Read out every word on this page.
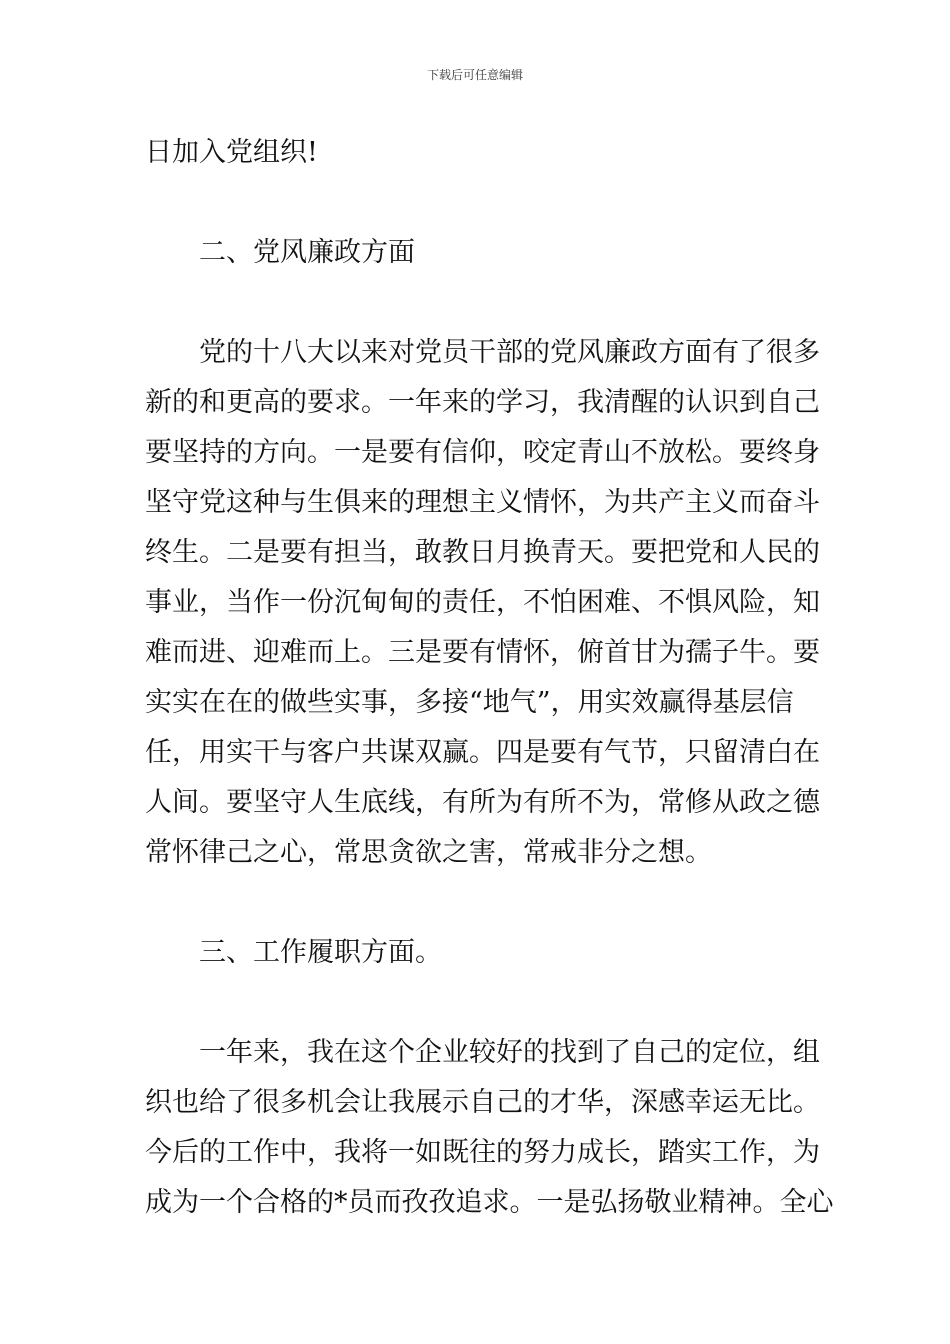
下载后可任意编辑
日加入党组织!
二、党风廉政方面
党的十八大以来对党员干部的党风廉政方面有了很多
新的和更高的要求。一年来的学习，我清醒的认识到自己
要坚持的方向。一是要有信仰，咬定青山不放松。要终身
坚守党这种与生俱来的理想主义情怀，为共产主义而奋斗
终生。二是要有担当，敢教日月换青天。要把党和人民的
事业，当作一份沉甸甸的责任，不怕困难、不惧风险，知
难而进、迎难而上。三是要有情怀，俯首甘为孺子牛。要
实实在在的做些实事，多接“地气”，用实效赢得基层信
任，用实干与客户共谋双赢。四是要有气节，只留清白在
人间。要坚守人生底线，有所为有所不为，常修从政之德
常怀律己之心，常思贪欲之害，常戒非分之想。
三、工作履职方面。
一年来，我在这个企业较好的找到了自己的定位，组
织也给了很多机会让我展示自己的才华，深感幸运无比。
今后的工作中，我将一如既往的努力成长，踏实工作，为
成为一个合格的*员而孜孜追求。一是弘扬敬业精神。全心
